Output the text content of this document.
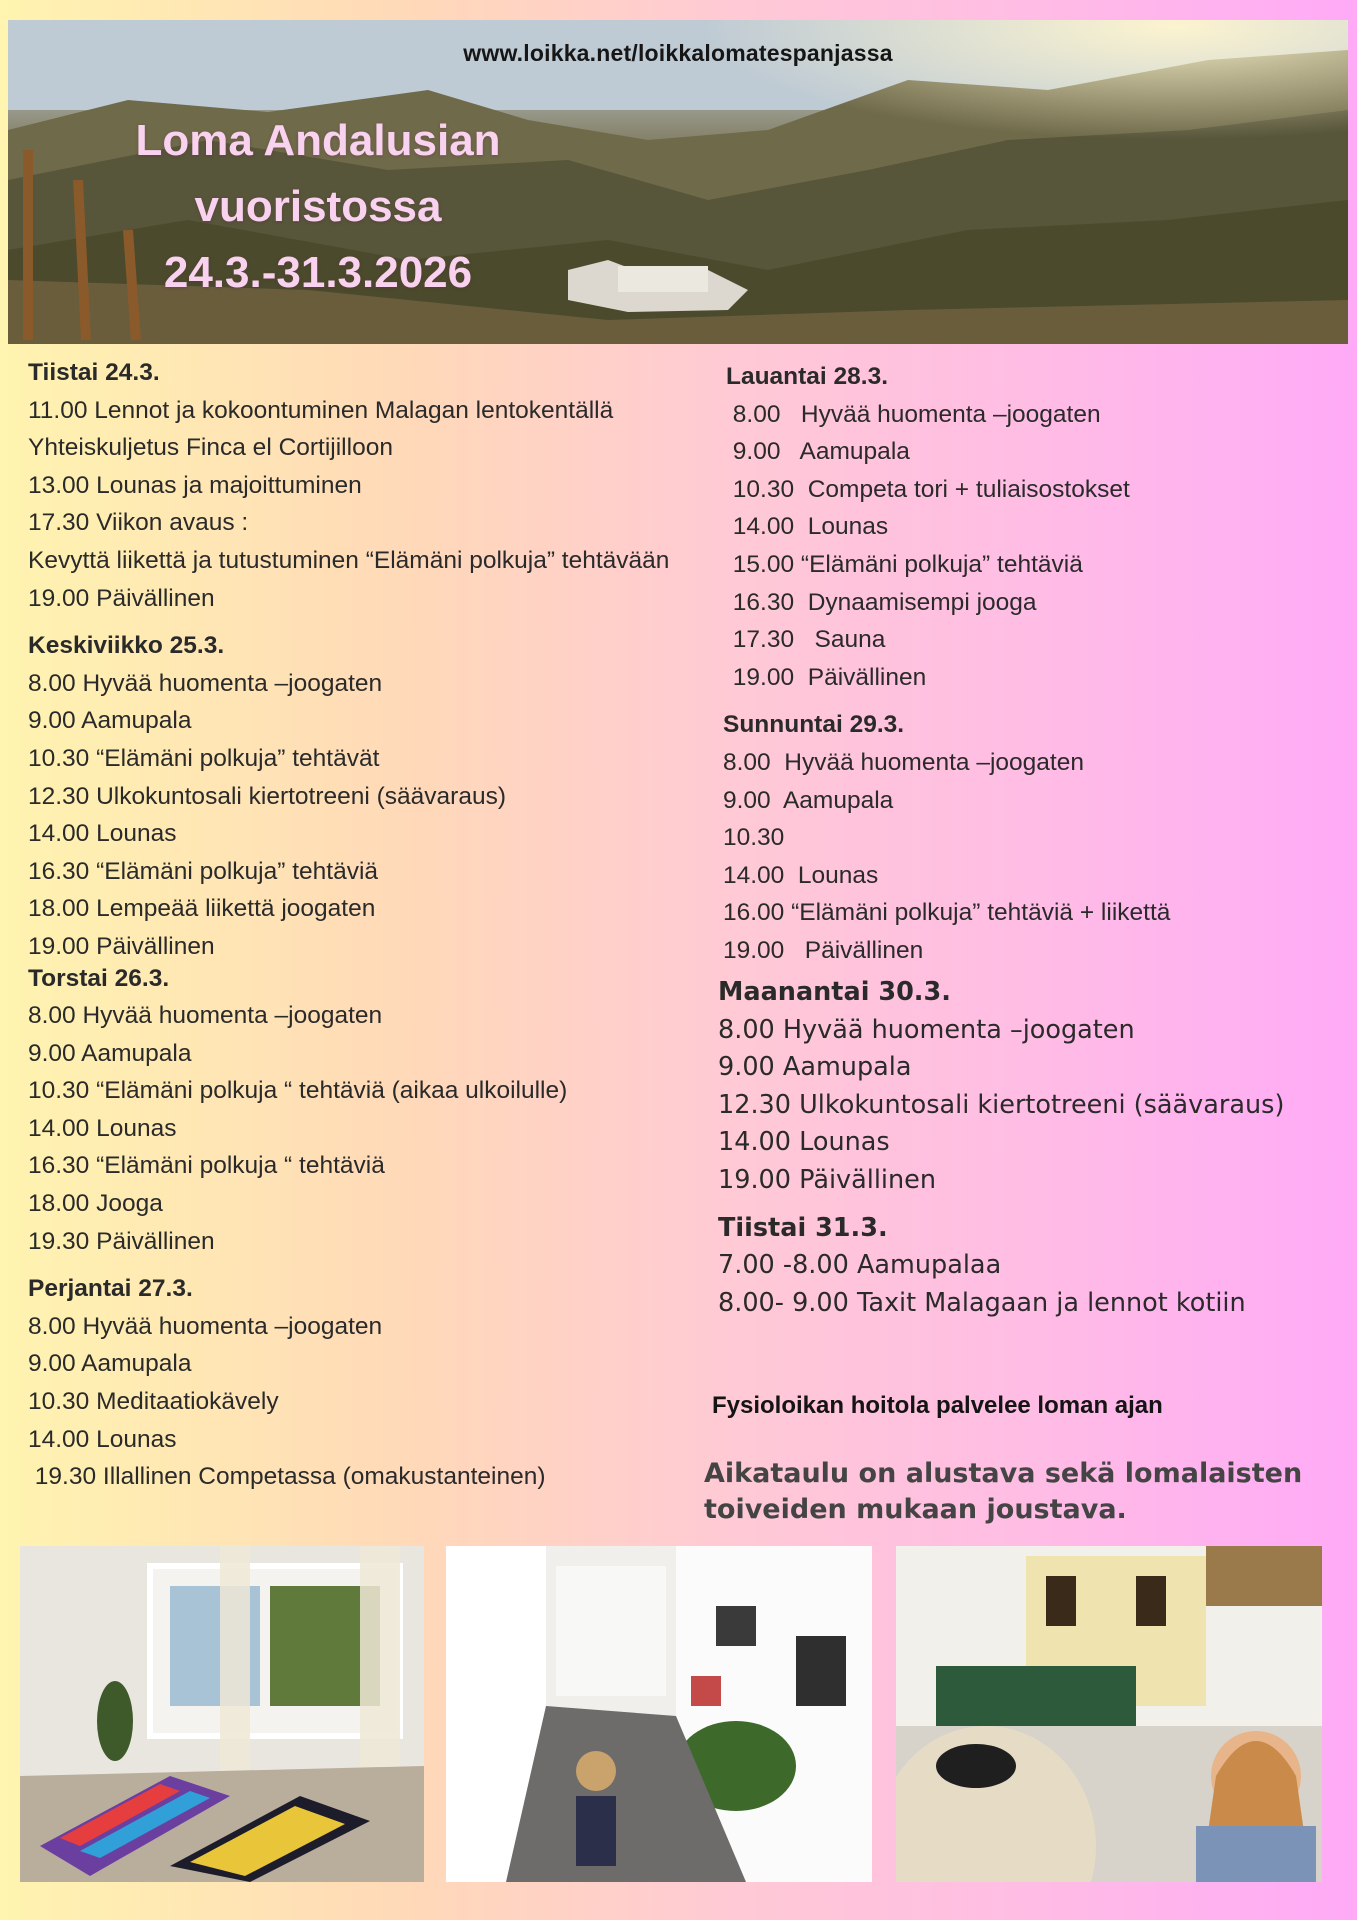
www.loikka.net/loikkalomatespanjassa
Loma Andalusian
vuoristossa
24.3.-31.3.2026

Tiistai 24.3.

11.00 Lennot ja kokoontuminen Malagan lentokentällä

Yhteiskuljetus Finca el Cortijilloon

13.00 Lounas ja majoittuminen

17.30 Viikon avaus :

Kevyttä liikettä ja tutustuminen “Elämäni polkuja” tehtävään

19.00 Päivällinen

Keskiviikko 25.3.

8.00 Hyvää huomenta –joogaten

9.00 Aamupala

10.30 “Elämäni polkuja” tehtävät

12.30 Ulkokuntosali kiertotreeni (säävaraus)

14.00 Lounas

16.30 “Elämäni polkuja” tehtäviä

18.00 Lempeää liikettä joogaten

19.00 Päivällinen

Torstai 26.3.

8.00 Hyvää huomenta –joogaten

9.00 Aamupala

10.30 “Elämäni polkuja “ tehtäviä (aikaa ulkoilulle)

14.00 Lounas

16.30 “Elämäni polkuja “ tehtäviä

18.00 Jooga

19.30 Päivällinen

Perjantai 27.3.

8.00 Hyvää huomenta –joogaten

9.00 Aamupala

10.30 Meditaatiokävely

14.00 Lounas

19.30 Illallinen Competassa (omakustanteinen)

Lauantai 28.3.

8.00   Hyvää huomenta –joogaten

9.00   Aamupala

10.30  Competa tori + tuliaisostokset

14.00  Lounas

15.00 “Elämäni polkuja” tehtäviä

16.30  Dynaamisempi jooga

17.30   Sauna

19.00  Päivällinen

Sunnuntai 29.3.

8.00  Hyvää huomenta –joogaten

9.00  Aamupala

10.30

14.00  Lounas

16.00 “Elämäni polkuja” tehtäviä + liikettä

19.00   Päivällinen

Maanantai 30.3.

8.00 Hyvää huomenta –joogaten

9.00 Aamupala

12.30 Ulkokuntosali kiertotreeni (säävaraus)

14.00 Lounas

19.00 Päivällinen

Tiistai 31.3.

7.00 -8.00 Aamupalaa

8.00- 9.00 Taxit Malagaan ja lennot kotiin

Fysioloikan hoitola palvelee loman ajan
Aikataulu on alustava sekä lomalaisten
toiveiden mukaan joustava.
